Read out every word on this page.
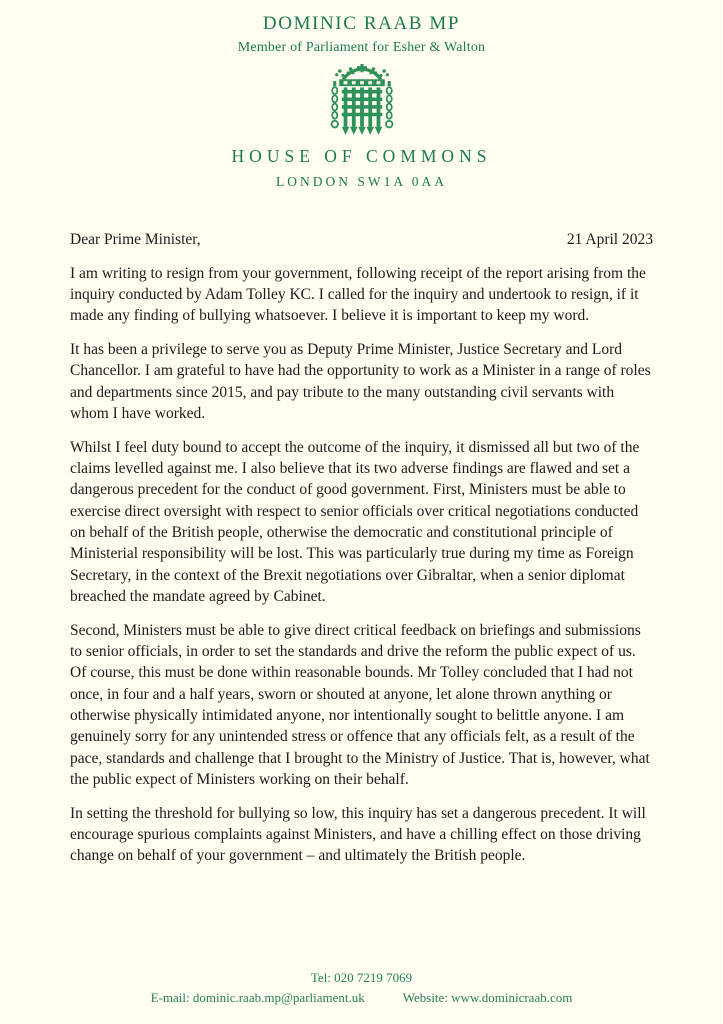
DOMINIC RAAB MP
Member of Parliament for Esher & Walton
HOUSE OF COMMONS
LONDON SW1A 0AA
Dear Prime Minister,	21 April 2023

I am writing to resign from your government, following receipt of the report arising from the inquiry conducted by Adam Tolley KC. I called for the inquiry and undertook to resign, if it made any finding of bullying whatsoever. I believe it is important to keep my word.

It has been a privilege to serve you as Deputy Prime Minister, Justice Secretary and Lord Chancellor. I am grateful to have had the opportunity to work as a Minister in a range of roles and departments since 2015, and pay tribute to the many outstanding civil servants with whom I have worked.

Whilst I feel duty bound to accept the outcome of the inquiry, it dismissed all but two of the claims levelled against me. I also believe that its two adverse findings are flawed and set a dangerous precedent for the conduct of good government. First, Ministers must be able to exercise direct oversight with respect to senior officials over critical negotiations conducted on behalf of the British people, otherwise the democratic and constitutional principle of Ministerial responsibility will be lost. This was particularly true during my time as Foreign Secretary, in the context of the Brexit negotiations over Gibraltar, when a senior diplomat breached the mandate agreed by Cabinet.

Second, Ministers must be able to give direct critical feedback on briefings and submissions to senior officials, in order to set the standards and drive the reform the public expect of us. Of course, this must be done within reasonable bounds. Mr Tolley concluded that I had not once, in four and a half years, sworn or shouted at anyone, let alone thrown anything or otherwise physically intimidated anyone, nor intentionally sought to belittle anyone. I am genuinely sorry for any unintended stress or offence that any officials felt, as a result of the pace, standards and challenge that I brought to the Ministry of Justice. That is, however, what the public expect of Ministers working on their behalf.

In setting the threshold for bullying so low, this inquiry has set a dangerous precedent. It will encourage spurious complaints against Ministers, and have a chilling effect on those driving change on behalf of your government – and ultimately the British people.

Tel: 020 7219 7069
E-mail: dominic.raab.mp@parliament.uk	Website: www.dominicraab.com
